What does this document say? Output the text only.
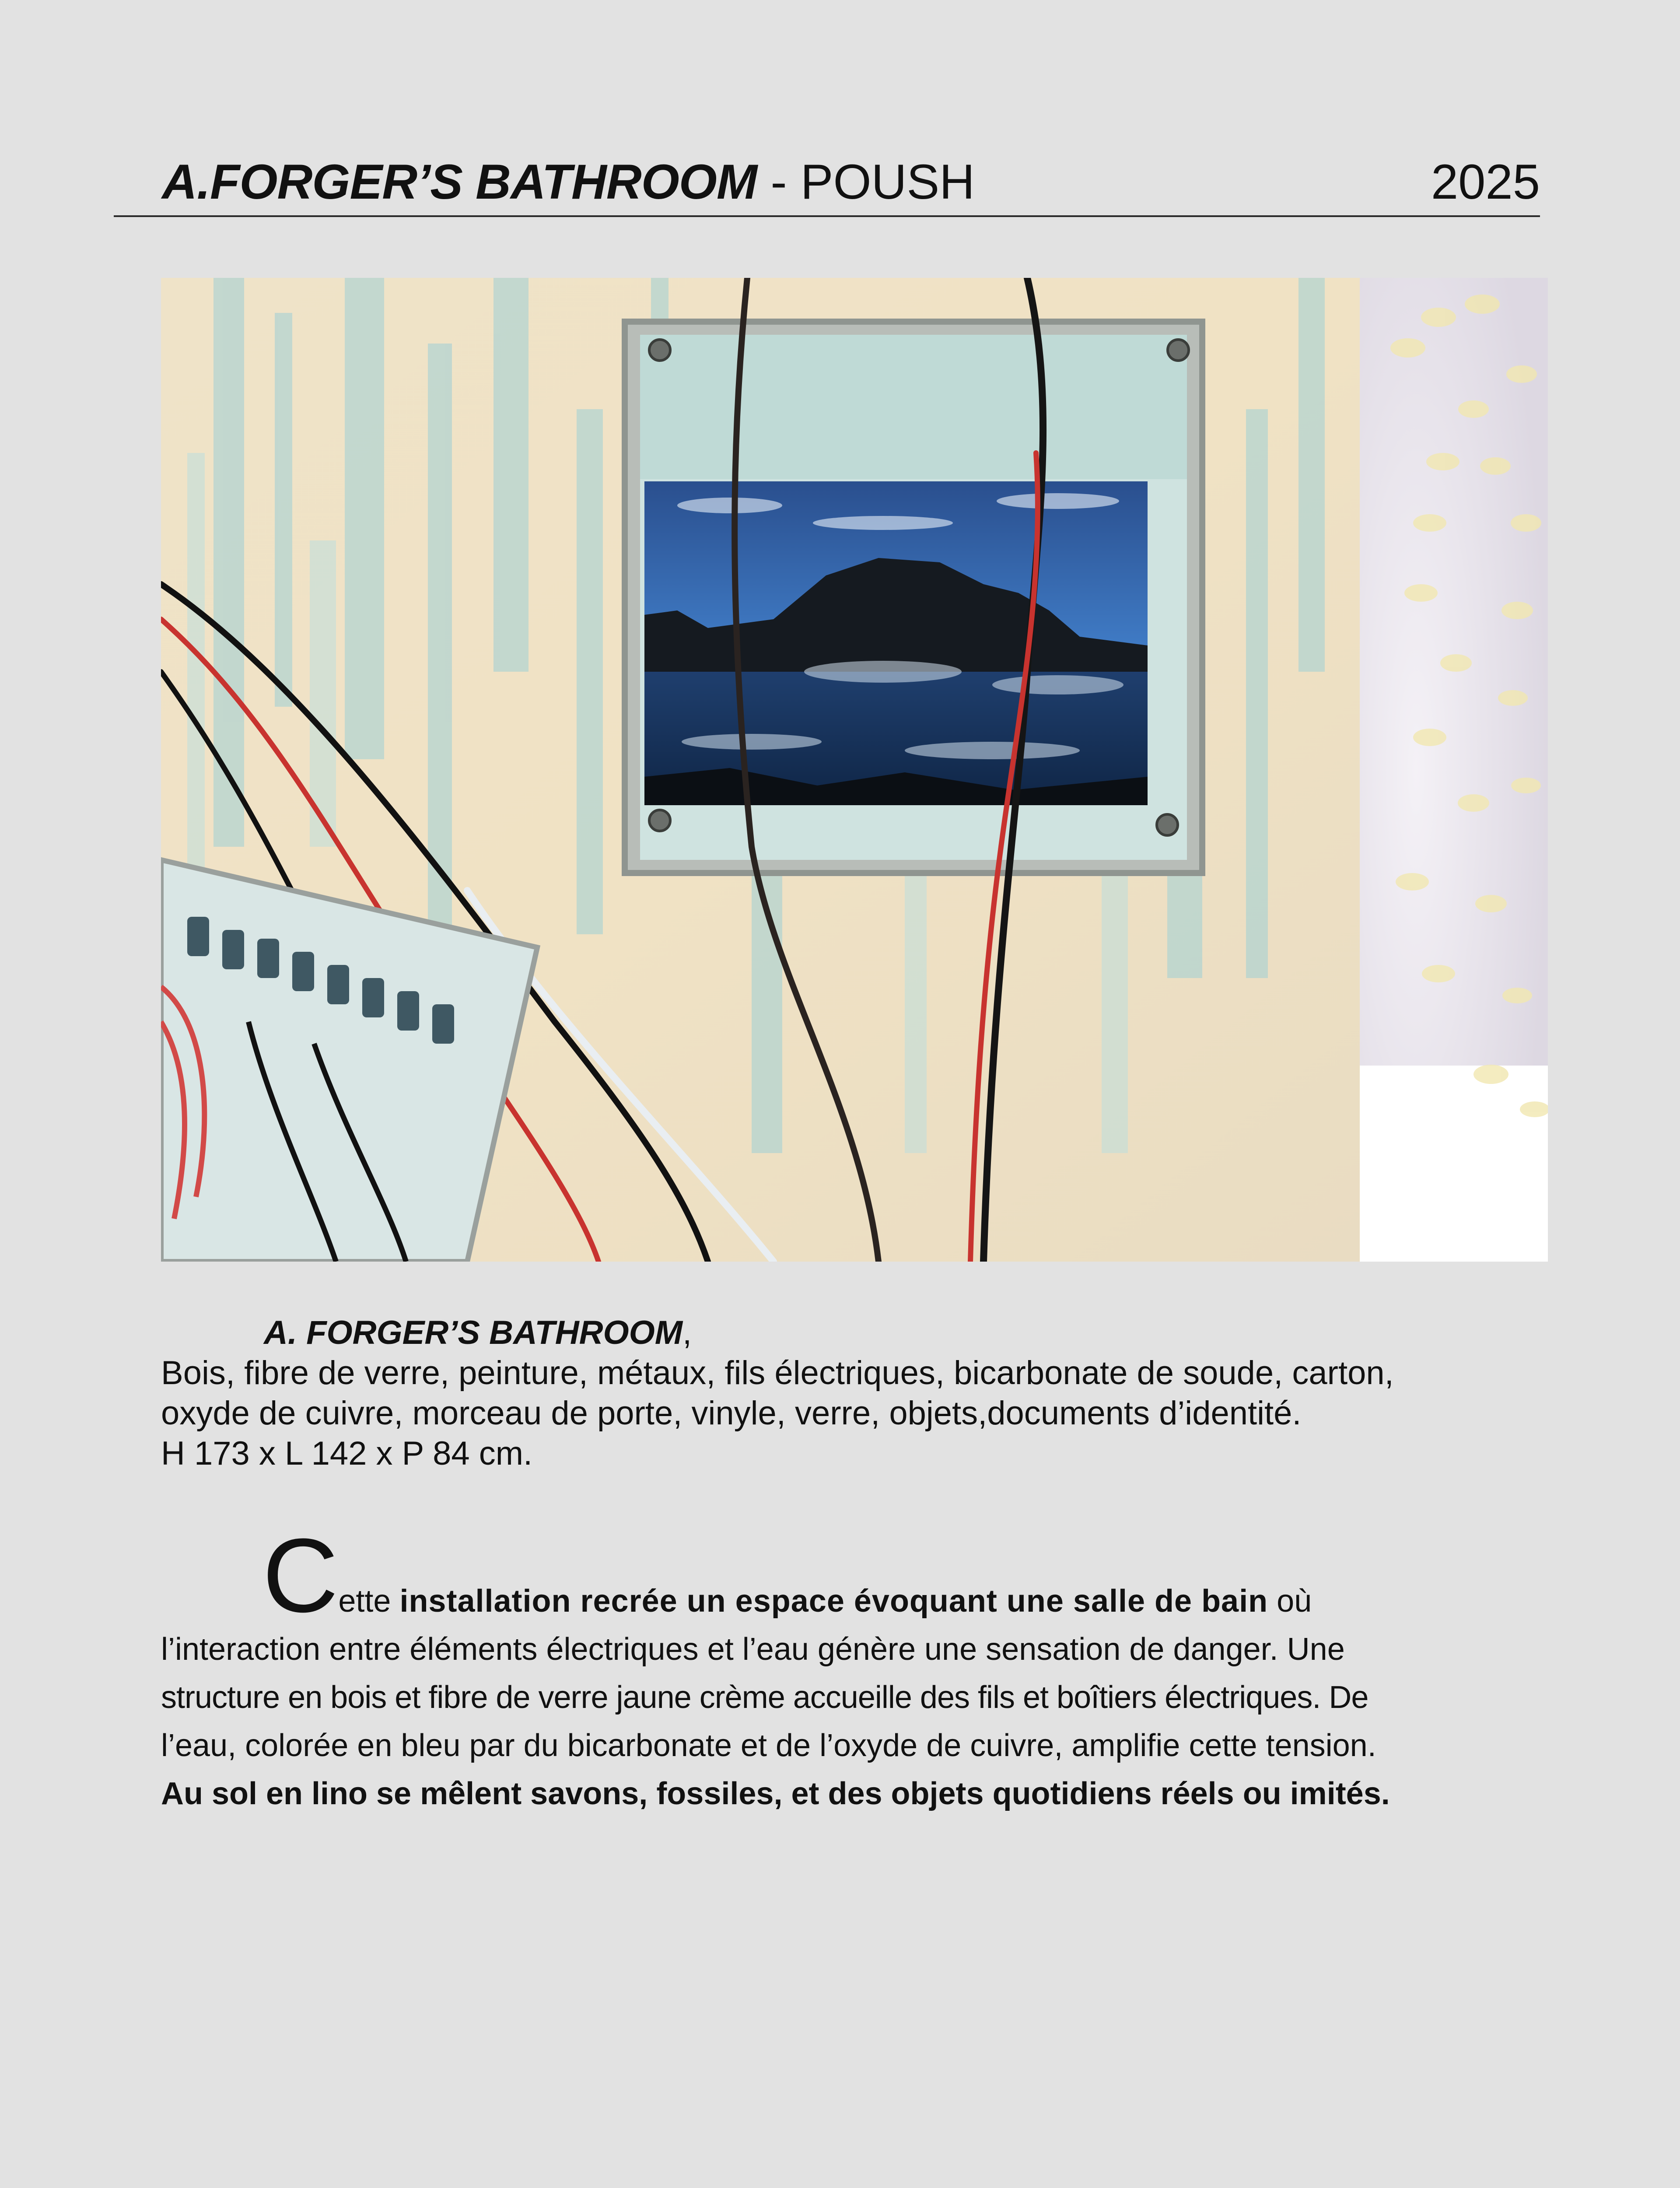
A.FORGER’S BATHROOM - POUSH	2025
A. FORGER’S BATHROOM,
Bois, fibre de verre, peinture, métaux, fils électriques, bicarbonate de soude, carton,
oxyde de cuivre, morceau de porte, vinyle, verre, objets,documents d’identité.
H 173 x L 142 x P 84 cm.
Cette installation recrée un espace évoquant une salle de bain où
l’interaction entre éléments électriques et l’eau génère une sensation de danger. Une
structure en bois et fibre de verre jaune crème accueille des fils et boîtiers électriques. De
l’eau, colorée en bleu par du bicarbonate et de l’oxyde de cuivre, amplifie cette tension.
Au sol en lino se mêlent savons, fossiles, et des objets quotidiens réels ou imités.
